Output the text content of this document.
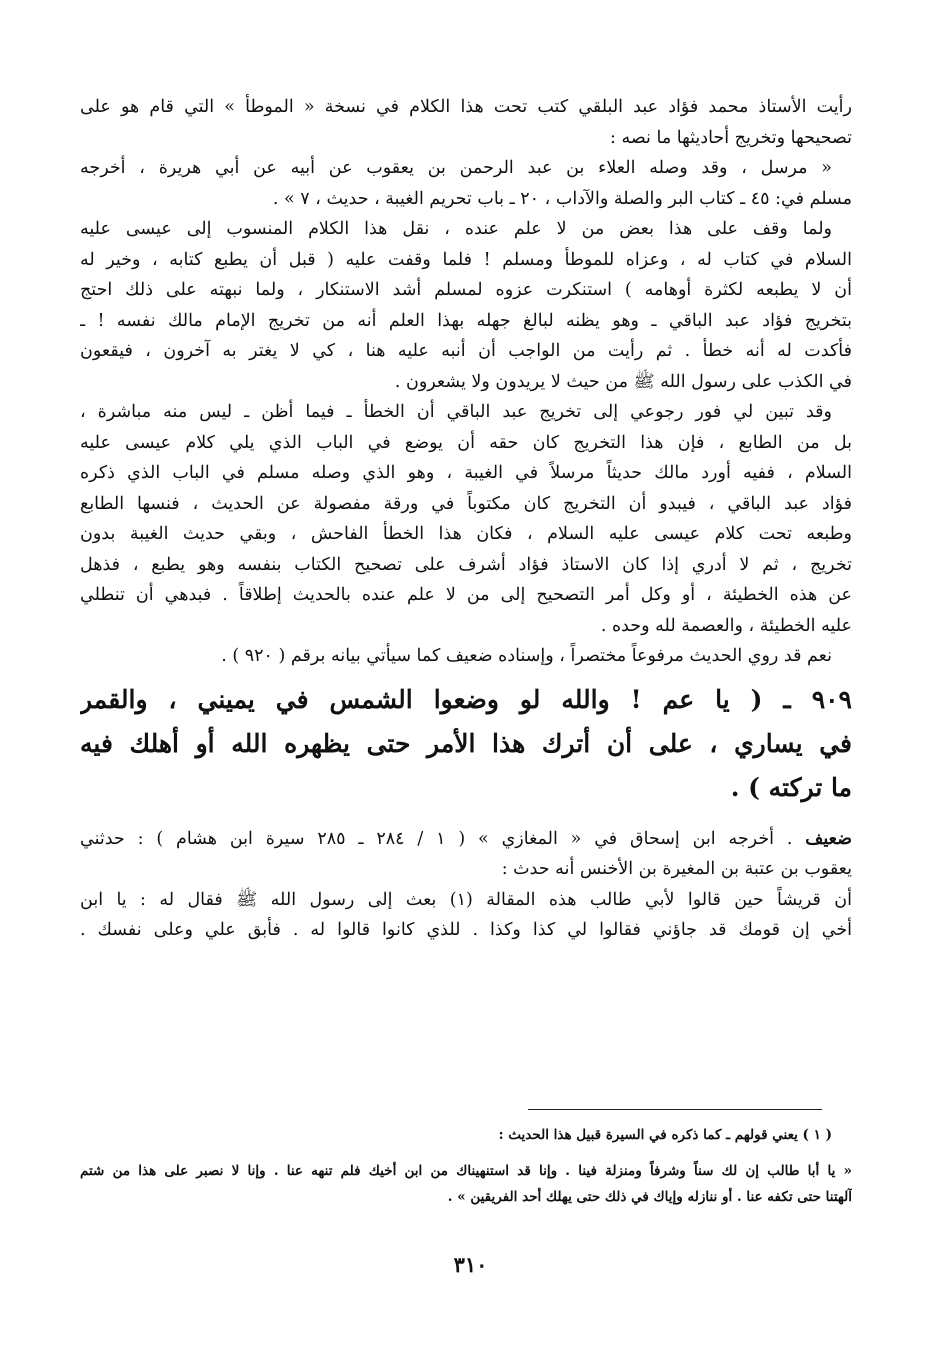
رأيت الأستاذ محمد فؤاد عبد البلقي كتب تحت هذا الكلام في نسخة « الموطأ » التي قام هو على
تصحيحها وتخريج أحاديثها ما نصه :
« مرسل ، وقد وصله العلاء بن عبد الرحمن بن يعقوب عن أبيه عن أبي هريرة ، أخرجه
مسلم في: ٤٥ ـ كتاب البر والصلة والآداب ، ٢٠ ـ باب تحريم الغيبة ، حديث ، ٧ » .
ولما وقف على هذا بعض من لا علم عنده ، نقل هذا الكلام المنسوب إلى عيسى عليه
السلام في كتاب له ، وعزاه للموطأ ومسلم ! فلما وقفت عليه ( قبل أن يطبع كتابه ، وخير له
أن لا يطبعه لكثرة أوهامه ) استنكرت عزوه لمسلم أشد الاستنكار ، ولما نبهته على ذلك احتج
بتخريج فؤاد عبد الباقي ـ وهو يظنه لبالغ جهله بهذا العلم أنه من تخريج الإمام مالك نفسه ! ـ
فأكدت له أنه خطأ . ثم رأيت من الواجب أن أنبه عليه هنا ، كي لا يغتر به آخرون ، فيقعون
في الكذب على رسول الله ﷺ من حيث لا يريدون ولا يشعرون .
وقد تبين لي فور رجوعي إلى تخريج عبد الباقي أن الخطأ ـ فيما أظن ـ ليس منه مباشرة ،
بل من الطابع ، فإن هذا التخريج كان حقه أن يوضع في الباب الذي يلي كلام عيسى عليه
السلام ، ففيه أورد مالك حديثاً مرسلاً في الغيبة ، وهو الذي وصله مسلم في الباب الذي ذكره
فؤاد عبد الباقي ، فيبدو أن التخريج كان مكتوباً في ورقة مفصولة عن الحديث ، فنسها الطابع
وطبعه تحت كلام عيسى عليه السلام ، فكان هذا الخطأ الفاحش ، وبقي حديث الغيبة بدون
تخريج ، ثم لا أدري إذا كان الاستاذ فؤاد أشرف على تصحيح الكتاب بنفسه وهو يطبع ، فذهل
عن هذه الخطيئة ، أو وكل أمر التصحيح إلى من لا علم عنده بالحديث إطلاقاً . فبدهي أن تنطلي
عليه الخطيئة ، والعصمة لله وحده .
نعم قد روي الحديث مرفوعاً مختصراً ، وإسناده ضعيف كما سيأتي بيانه برقم ( ٩٢٠ ) .
٩٠٩ ـ ( يا عم ! والله لو وضعوا الشمس في يميني ، والقمر
في يساري ، على أن أترك هذا الأمر حتى يظهره الله أو أهلك فيه
ما تركته ) .
ضعيف . أخرجه ابن إسحاق في « المغازي » ( ١ / ٢٨٤ ـ ٢٨٥ سيرة ابن هشام ) : حدثني
يعقوب بن عتبة بن المغيرة بن الأخنس أنه حدث :
أن قريشاً حين قالوا لأبي طالب هذه المقالة (١) بعث إلى رسول الله ﷺ فقال له : يا ابن
أخي إن قومك قد جاؤني فقالوا لي كذا وكذا . للذي كانوا قالوا له . فأبق علي وعلى نفسك .
( ١ ) يعني قولهم ـ كما ذكره في السيرة قبيل هذا الحديث :
« يا أبا طالب إن لك سناً وشرفاً ومنزلة فينا . وإنا قد استنهيناك من ابن أخيك فلم تنهه عنا . وإنا لا نصبر على هذا من شتم
آلهتنا حتى تكفه عنا . أو ننازله وإياك في ذلك حتى يهلك أحد الفريقين » .
٣١٠
